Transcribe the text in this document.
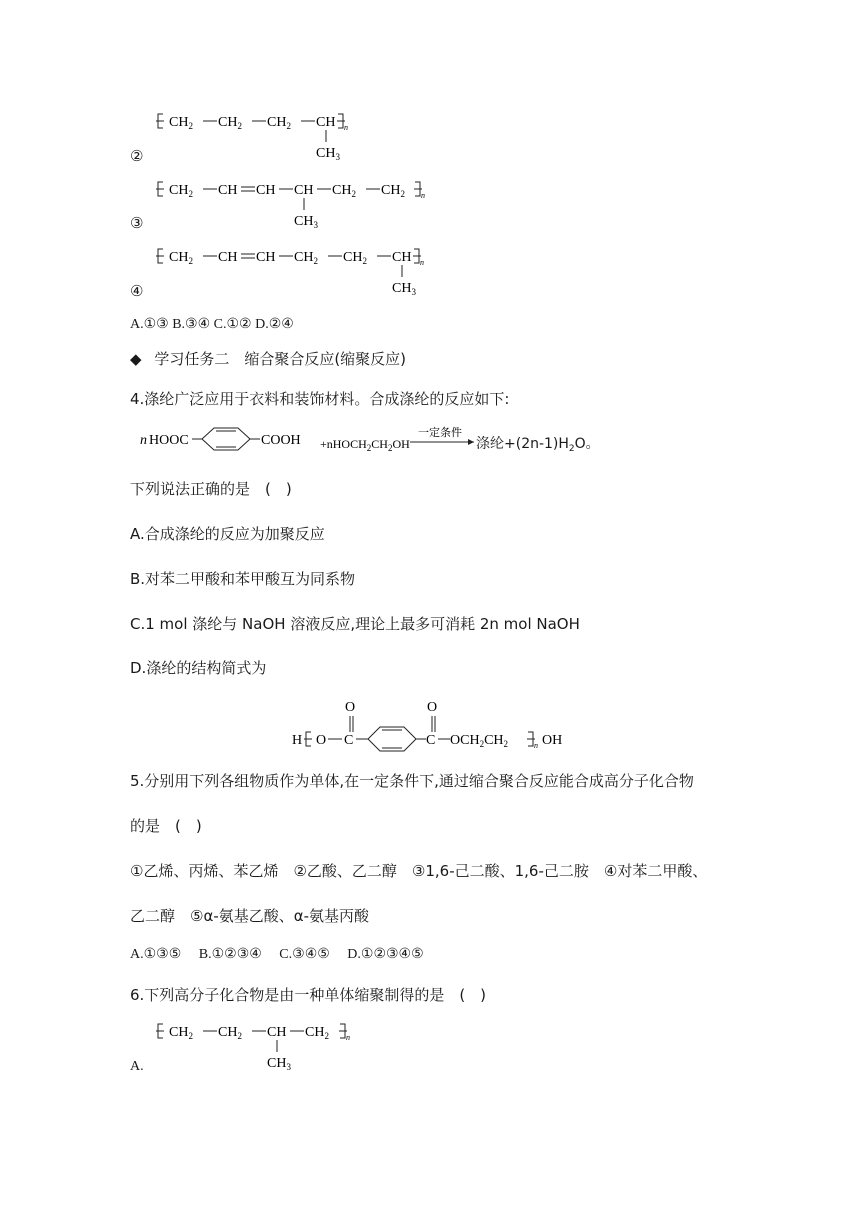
$CH_2$ $CH_2$ $CH_2$ CH n
$CH_3$
②
$CH_2$ CH CH CH $CH_2$ $CH_2$ n
$CH_3$
③
$CH_2$ CH CH $CH_2$ $CH_2$ CH n
$CH_3$
④
A.①③ B.③④ C.①② D.②④
◆ 学习任务二　缩合聚合反应(缩聚反应)
4.涤纶广泛应用于衣料和装饰材料。合成涤纶的反应如下:
n HOOC	COOH $+nHOCH_2CH_2OH$
一定条件
涤纶$+(2n-1)H_2O$。
下列说法正确的是　(　)
A.合成涤纶的反应为加聚反应
B.对苯二甲酸和苯甲酸互为同系物
C.1 mol 涤纶与 NaOH 溶液反应,理论上最多可消耗 2n mol NaOH
D.涤纶的结构简式为
H O C
O
C
O
$OCH_2CH_2$	n OH
5.分别用下列各组物质作为单体,在一定条件下,通过缩合聚合反应能合成高分子化合物
的是　(　)
①乙烯、丙烯、苯乙烯　②乙酸、乙二醇　③1,6-己二酸、1,6-己二胺　④对苯二甲酸、
乙二醇　⑤α-氨基乙酸、α-氨基丙酸
A.①③⑤　 B.①②③④　 C.③④⑤　 D.①②③④⑤
6.下列高分子化合物是由一种单体缩聚制得的是　(　)
$CH_2$ $CH_2$ CH $CH_2$ n
$CH_3$
A.
